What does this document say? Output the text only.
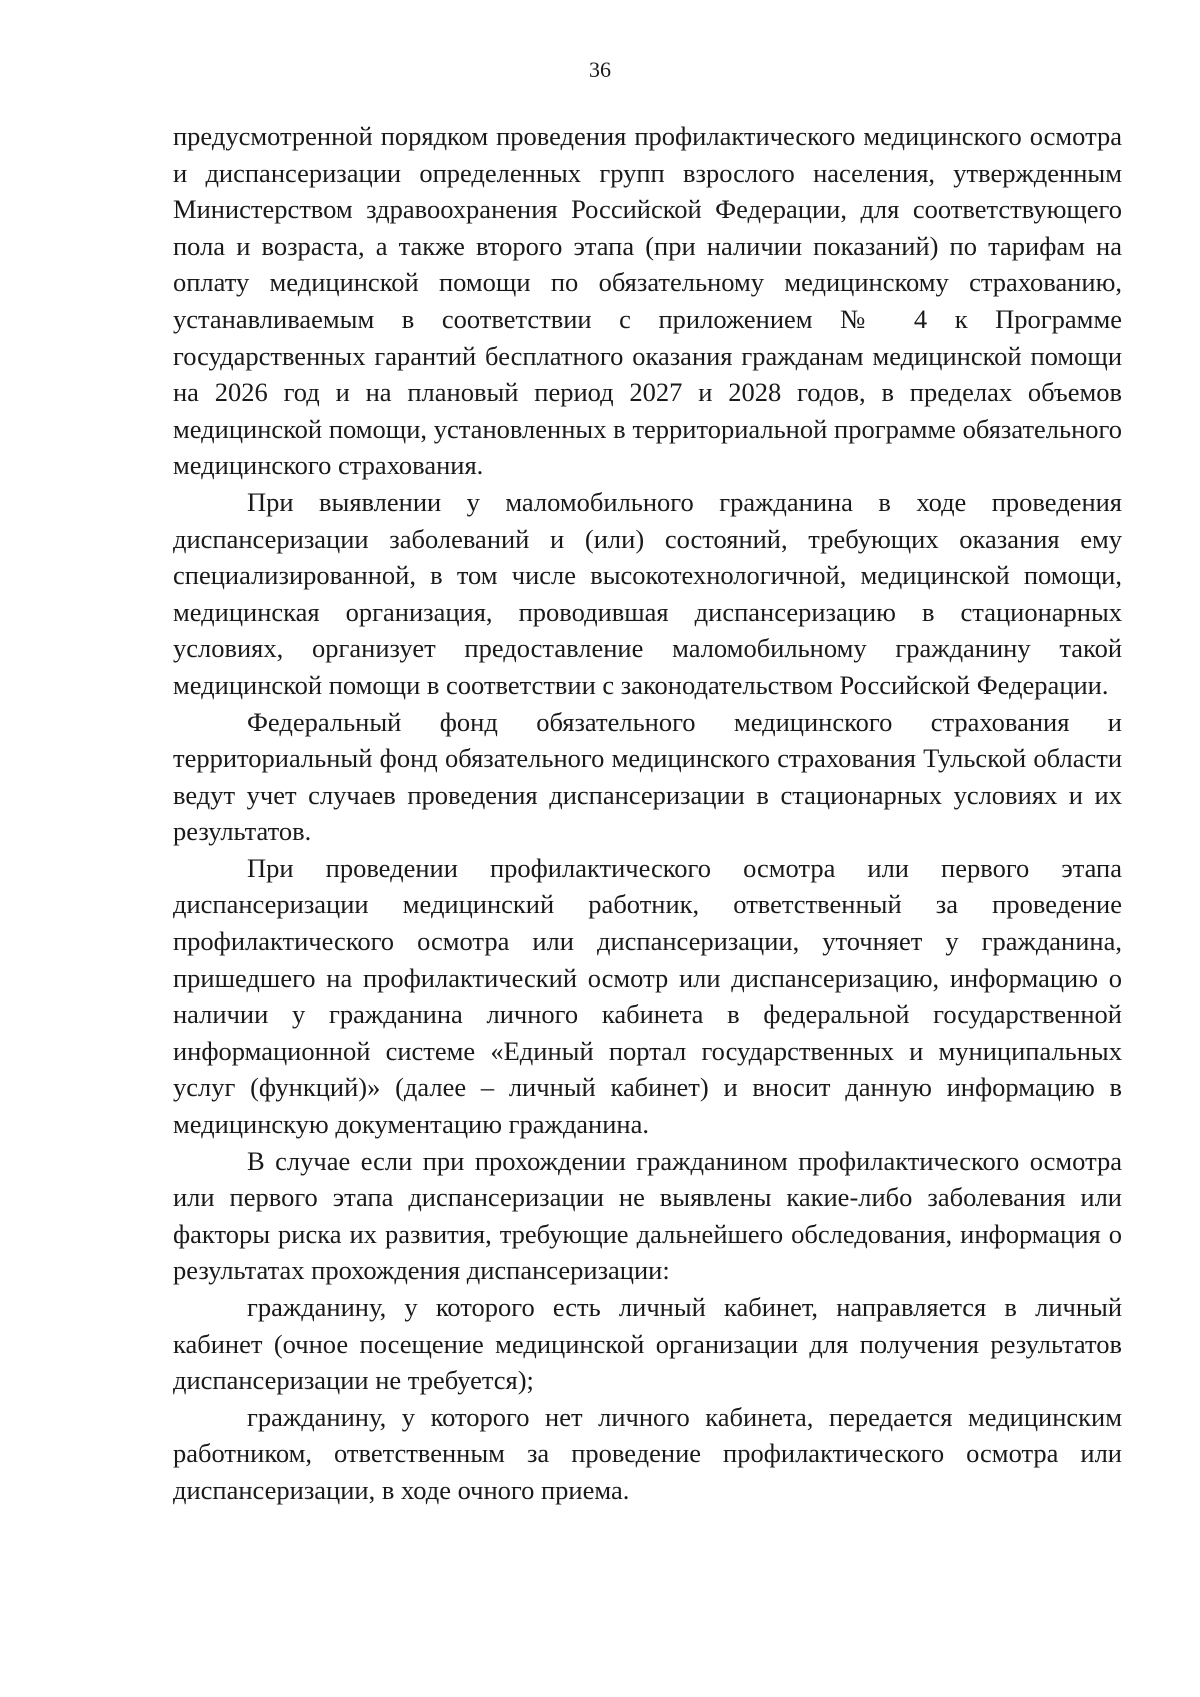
36

предусмотренной порядком проведения профилактического медицинского осмотра и диспансеризации определенных групп взрослого населения, утвержденным Министерством здравоохранения Российской Федерации, для соответствующего пола и возраста, а также второго этапа (при наличии показаний) по тарифам на оплату медицинской помощи по обязательному медицинскому страхованию, устанавливаемым в соответствии с приложением № 4 к Программе государственных гарантий бесплатного оказания гражданам медицинской помощи на 2026 год и на плановый период 2027 и 2028 годов, в пределах объемов медицинской помощи, установленных в территориальной программе обязательного медицинского страхования.

При выявлении у маломобильного гражданина в ходе проведения диспансеризации заболеваний и (или) состояний, требующих оказания ему специализированной, в том числе высокотехнологичной, медицинской помощи, медицинская организация, проводившая диспансеризацию в стационарных условиях, организует предоставление маломобильному гражданину такой медицинской помощи в соответствии с законодательством Российской Федерации.

Федеральный фонд обязательного медицинского страхования и территориальный фонд обязательного медицинского страхования Тульской области ведут учет случаев проведения диспансеризации в стационарных условиях и их результатов.

При проведении профилактического осмотра или первого этапа диспансеризации медицинский работник, ответственный за проведение профилактического осмотра или диспансеризации, уточняет у гражданина, пришедшего на профилактический осмотр или диспансеризацию, информацию о наличии у гражданина личного кабинета в федеральной государственной информационной системе «Единый портал государственных и муниципальных услуг (функций)» (далее – личный кабинет) и вносит данную информацию в медицинскую документацию гражданина.

В случае если при прохождении гражданином профилактического осмотра или первого этапа диспансеризации не выявлены какие-либо заболевания или факторы риска их развития, требующие дальнейшего обследования, информация о результатах прохождения диспансеризации:

гражданину, у которого есть личный кабинет, направляется в личный кабинет (очное посещение медицинской организации для получения результатов диспансеризации не требуется);

гражданину, у которого нет личного кабинета, передается медицинским работником, ответственным за проведение профилактического осмотра или диспансеризации, в ходе очного приема.
